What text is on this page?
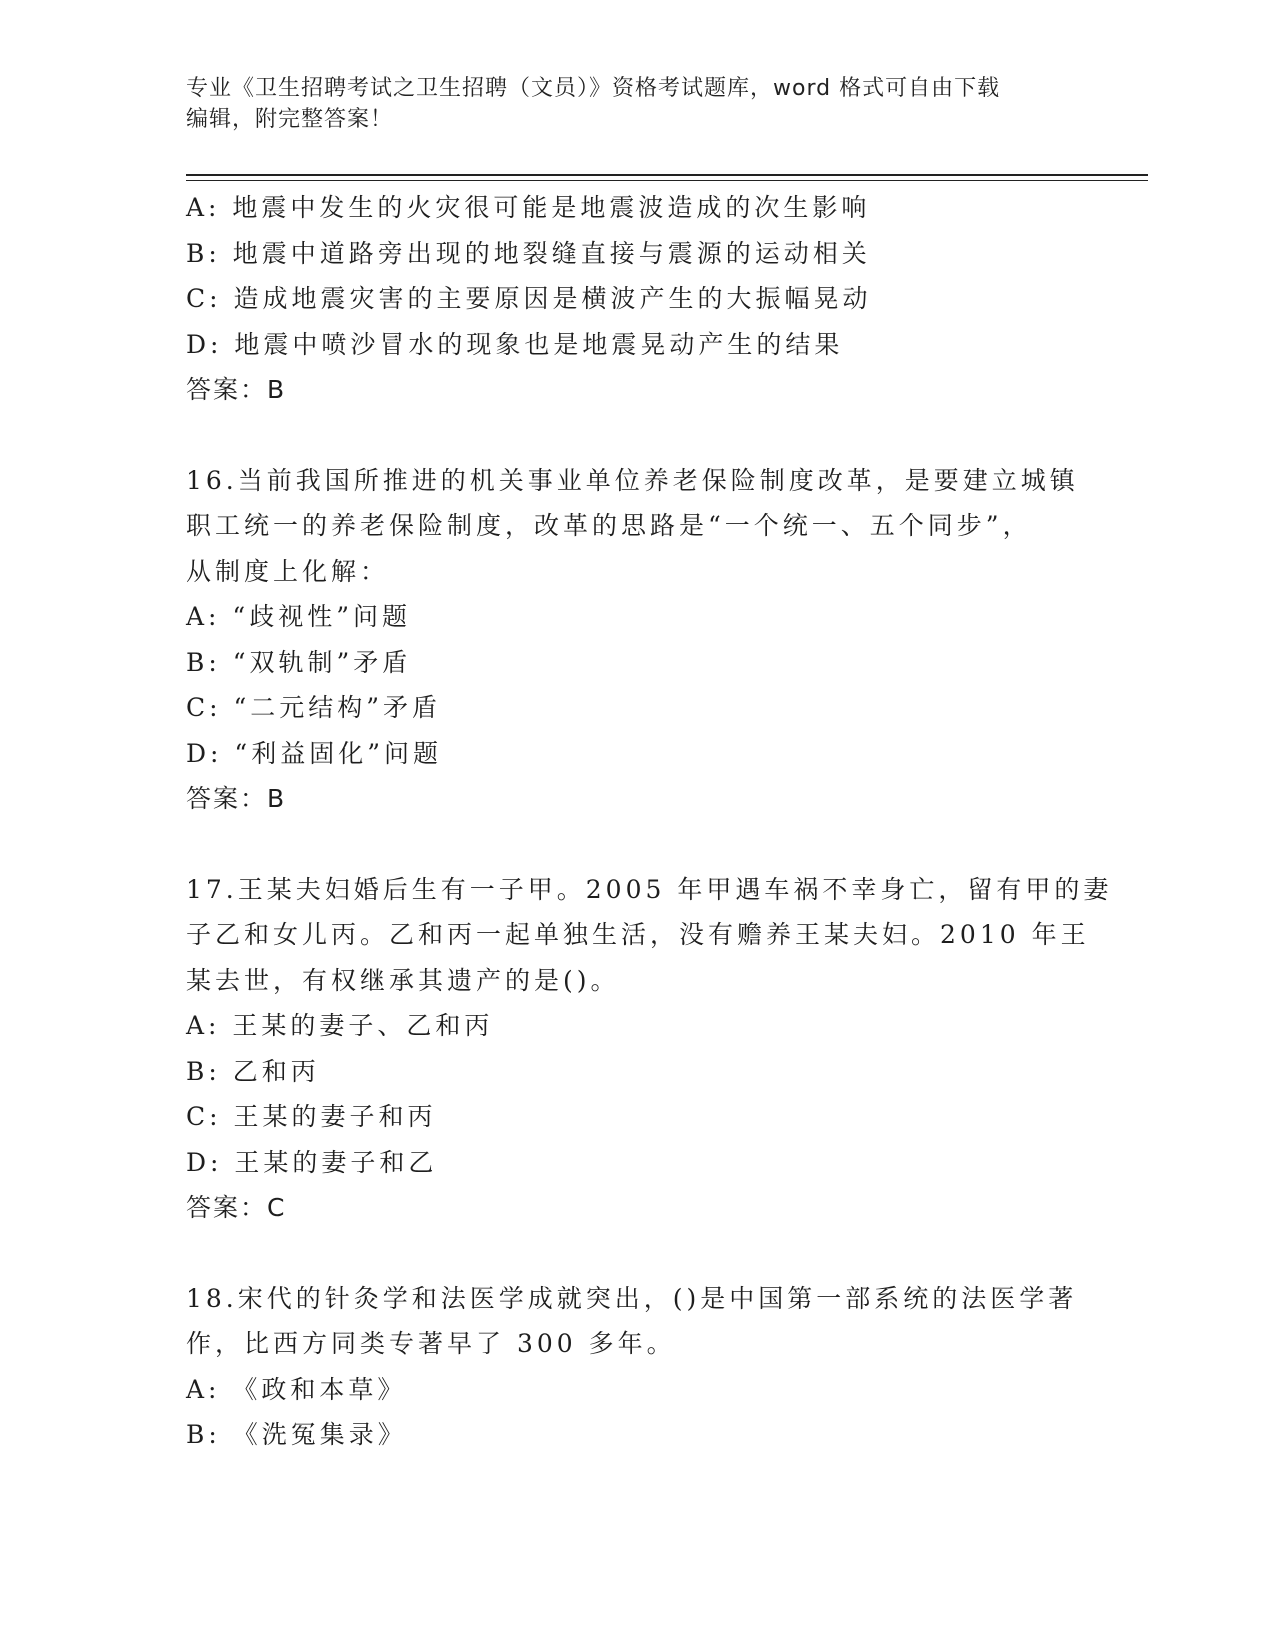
专业《卫生招聘考试之卫生招聘（文员）》资格考试题库，word 格式可自由下载
编辑，附完整答案！
A: 地震中发生的火灾很可能是地震波造成的次生影响
B: 地震中道路旁出现的地裂缝直接与震源的运动相关
C: 造成地震灾害的主要原因是横波产生的大振幅晃动
D: 地震中喷沙冒水的现象也是地震晃动产生的结果
答案：B
16.当前我国所推进的机关事业单位养老保险制度改革，是要建立城镇
职工统一的养老保险制度，改革的思路是“一个统一、五个同步”，
从制度上化解：
A: “歧视性”问题
B: “双轨制”矛盾
C: “二元结构”矛盾
D: “利益固化”问题
答案：B
17.王某夫妇婚后生有一子甲。2005 年甲遇车祸不幸身亡，留有甲的妻
子乙和女儿丙。乙和丙一起单独生活，没有赡养王某夫妇。2010 年王
某去世，有权继承其遗产的是()。
A: 王某的妻子、乙和丙
B: 乙和丙
C: 王某的妻子和丙
D: 王某的妻子和乙
答案：C
18.宋代的针灸学和法医学成就突出，()是中国第一部系统的法医学著
作，比西方同类专著早了 300 多年。
A: 《政和本草》
B: 《洗冤集录》
